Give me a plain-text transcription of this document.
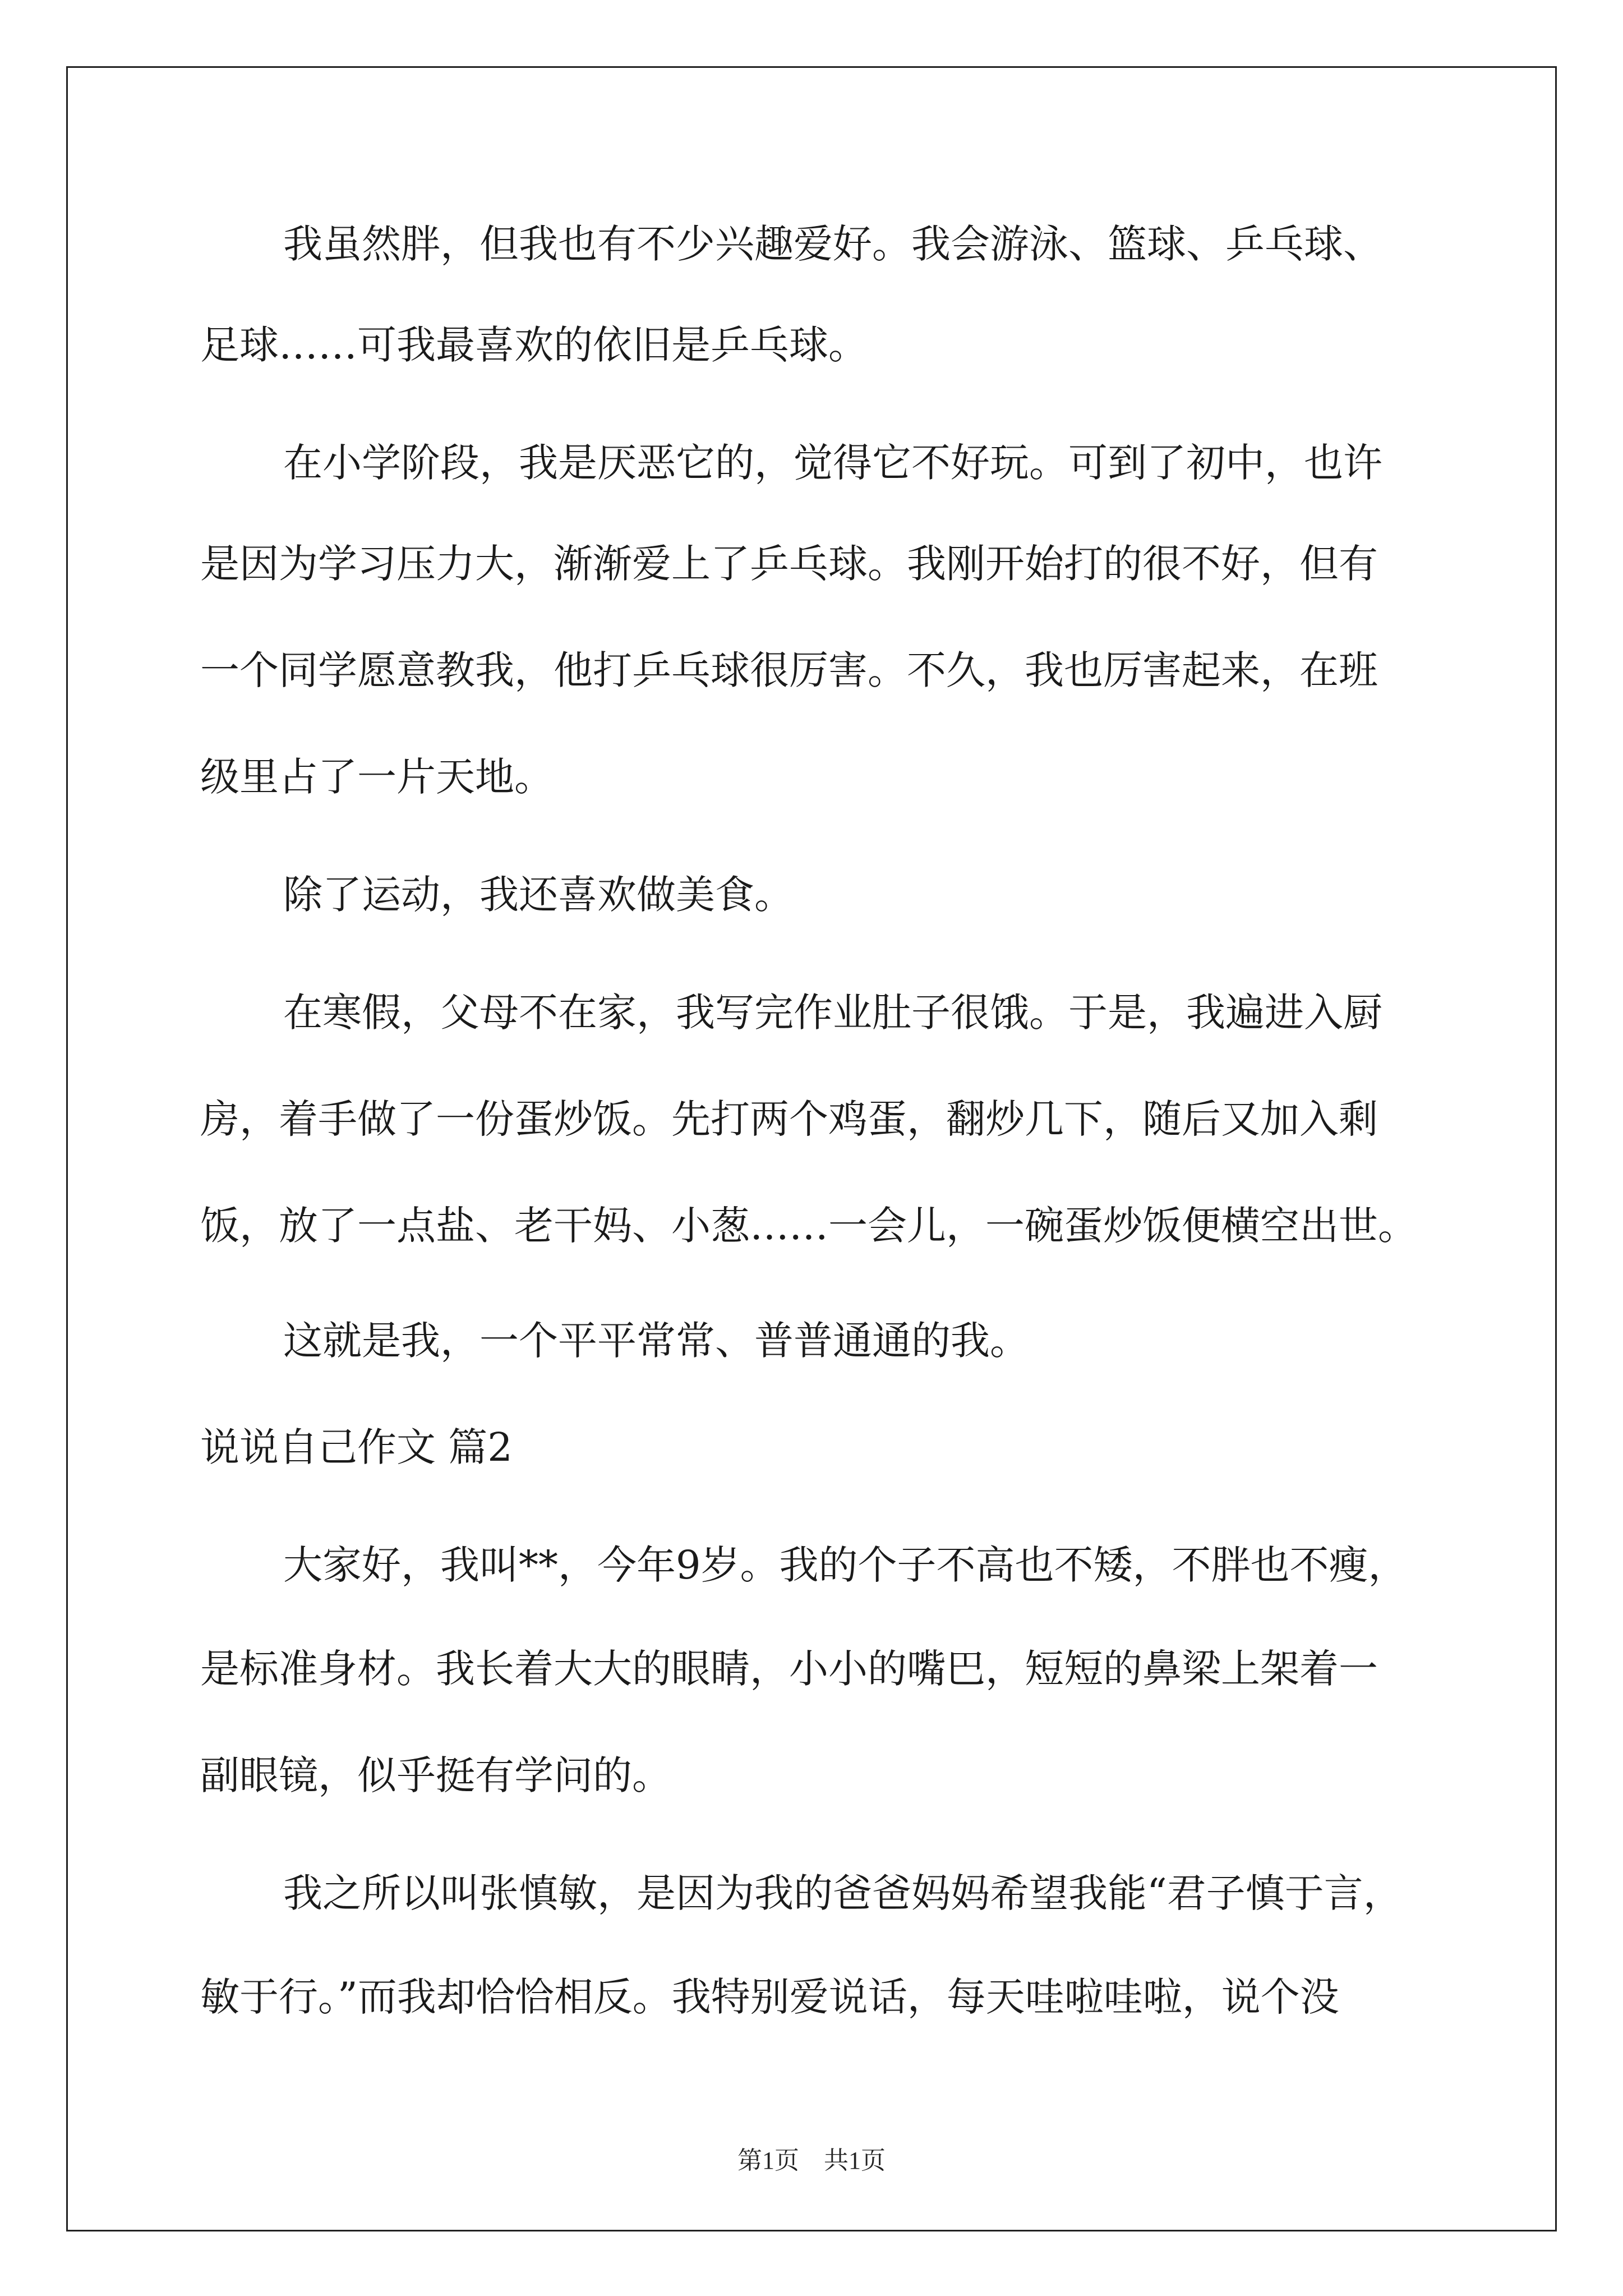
我虽然胖，但我也有不少兴趣爱好。我会游泳、篮球、乒乓球、
足球……可我最喜欢的依旧是乒乓球。
在小学阶段，我是厌恶它的，觉得它不好玩。可到了初中，也许
是因为学习压力大，渐渐爱上了乒乓球。我刚开始打的很不好，但有
一个同学愿意教我，他打乒乓球很厉害。不久，我也厉害起来，在班
级里占了一片天地。
除了运动，我还喜欢做美食。
在寒假，父母不在家，我写完作业肚子很饿。于是，我遍进入厨
房，着手做了一份蛋炒饭。先打两个鸡蛋，翻炒几下，随后又加入剩
饭，放了一点盐、老干妈、小葱……一会儿，一碗蛋炒饭便横空出世。
这就是我，一个平平常常、普普通通的我。
说说自己作文 篇2
大家好，我叫**，今年9岁。我的个子不高也不矮，不胖也不瘦，
是标准身材。我长着大大的眼睛，小小的嘴巴，短短的鼻梁上架着一
副眼镜，似乎挺有学问的。
我之所以叫张慎敏，是因为我的爸爸妈妈希望我能“君子慎于言，
敏于行。”而我却恰恰相反。我特别爱说话，每天哇啦哇啦，说个没
第1页　共1页
